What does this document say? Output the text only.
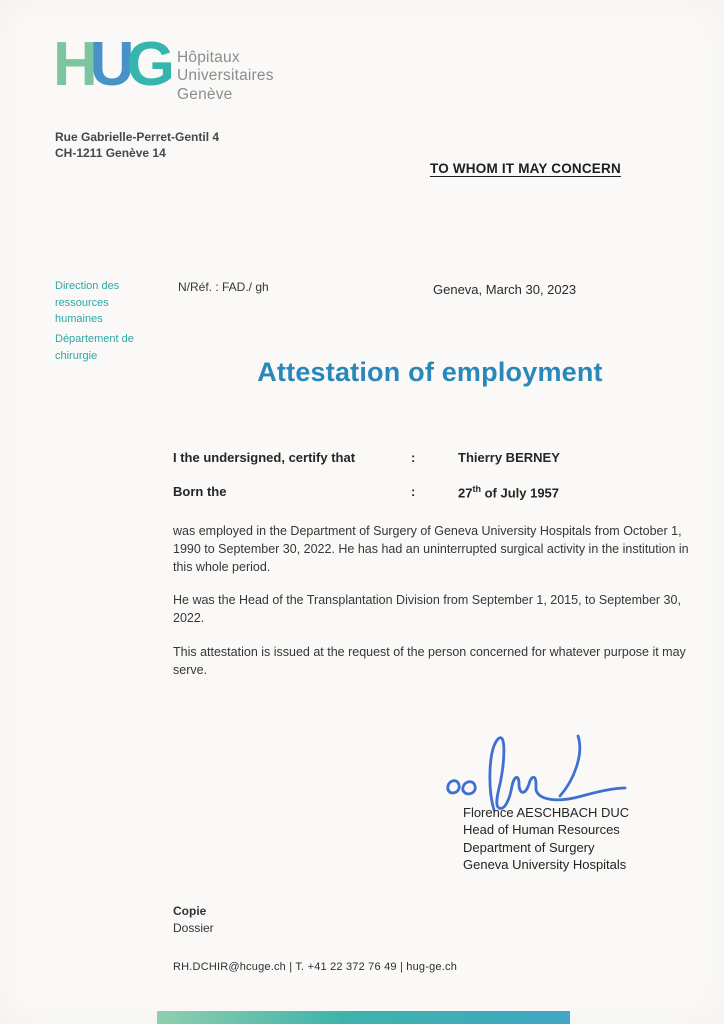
HUG Hôpitaux
Universitaires
Genève
Rue Gabrielle-Perret-Gentil 4
CH-1211 Genève 14
TO WHOM IT MAY CONCERN
Direction des
ressources
humaines
Département de
chirurgie
N/Réf. : FAD./ gh	Geneva, March 30, 2023
Attestation of employment
I the undersigned, certify that	:	Thierry BERNEY
Born the	:	27th of July 1957

was employed in the Department of Surgery of Geneva University Hospitals from October 1, 1990 to September 30, 2022. He has had an uninterrupted surgical activity in the institution in this whole period.

He was the Head of the Transplantation Division from September 1, 2015, to September 30, 2022.

This attestation is issued at the request of the person concerned for whatever purpose it may serve.

Florence AESCHBACH DUC
Head of Human Resources
Department of Surgery
Geneva University Hospitals
Copie
Dossier
RH.DCHIR@hcuge.ch | T. +41 22 372 76 49 | hug-ge.ch
